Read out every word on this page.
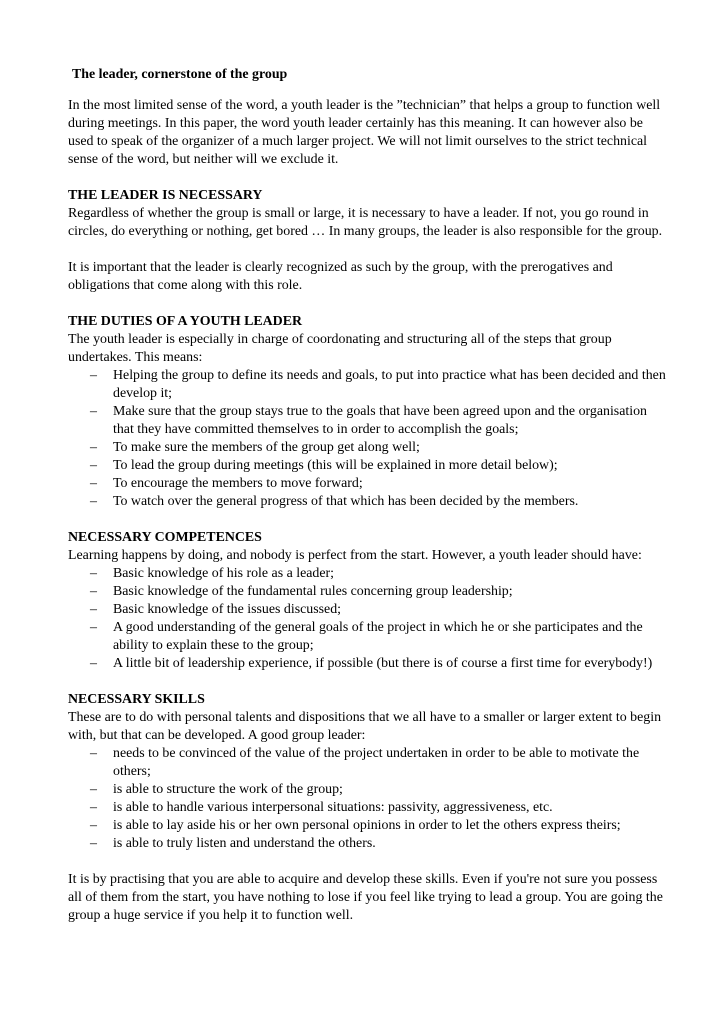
The leader, cornerstone of the group

In the most limited sense of the word, a youth leader is the ”technician” that helps a group to function well during meetings. In this paper, the word youth leader certainly has this meaning. It can however also be used to speak of the organizer of a much larger project. We will not limit ourselves to the strict technical sense of the word, but neither will we exclude it.

THE LEADER IS NECESSARY

Regardless of whether the group is small or large, it is necessary to have a leader. If not, you go round in circles, do everything or nothing, get bored … In many groups, the leader is also responsible for the group.

It is important that the leader is clearly recognized as such by the group, with the prerogatives and obligations that come along with this role.

THE DUTIES OF A YOUTH LEADER
The youth leader is especially in charge of coordonating and structuring all of the steps that group undertakes. This means:
– Helping the group to define its needs and goals, to put into practice what has been decided and then develop it;
– Make sure that the group stays true to the goals that have been agreed upon and the organisation that they have committed themselves to in order to accomplish the goals;
– To make sure the members of the group get along well;
– To lead the group during meetings (this will be explained in more detail below);
– To encourage the members to move forward;
– To watch over the general progress of that which has been decided by the members.
NECESSARY COMPETENCES
Learning happens by doing, and nobody is perfect from the start. However, a youth leader should have:
– Basic knowledge of his role as a leader;
– Basic knowledge of the fundamental rules concerning group leadership;
– Basic knowledge of the issues discussed;
– A good understanding of the general goals of the project in which he or she participates and the ability to explain these to the group;
– A little bit of leadership experience, if possible (but there is of course a first time for everybody!)
NECESSARY SKILLS
These are to do with personal talents and dispositions that we all have to a smaller or larger extent to begin with, but that can be developed. A good group leader:
– needs to be convinced of the value of the project undertaken in order to be able to motivate the others;
– is able to structure the work of the group;
– is able to handle various interpersonal situations: passivity, aggressiveness, etc.
– is able to lay aside his or her own personal opinions in order to let the others express theirs;
– is able to truly listen and understand the others.

It is by practising that you are able to acquire and develop these skills. Even if you're not sure you possess all of them from the start, you have nothing to lose if you feel like trying to lead a group. You are going the group a huge service if you help it to function well.
